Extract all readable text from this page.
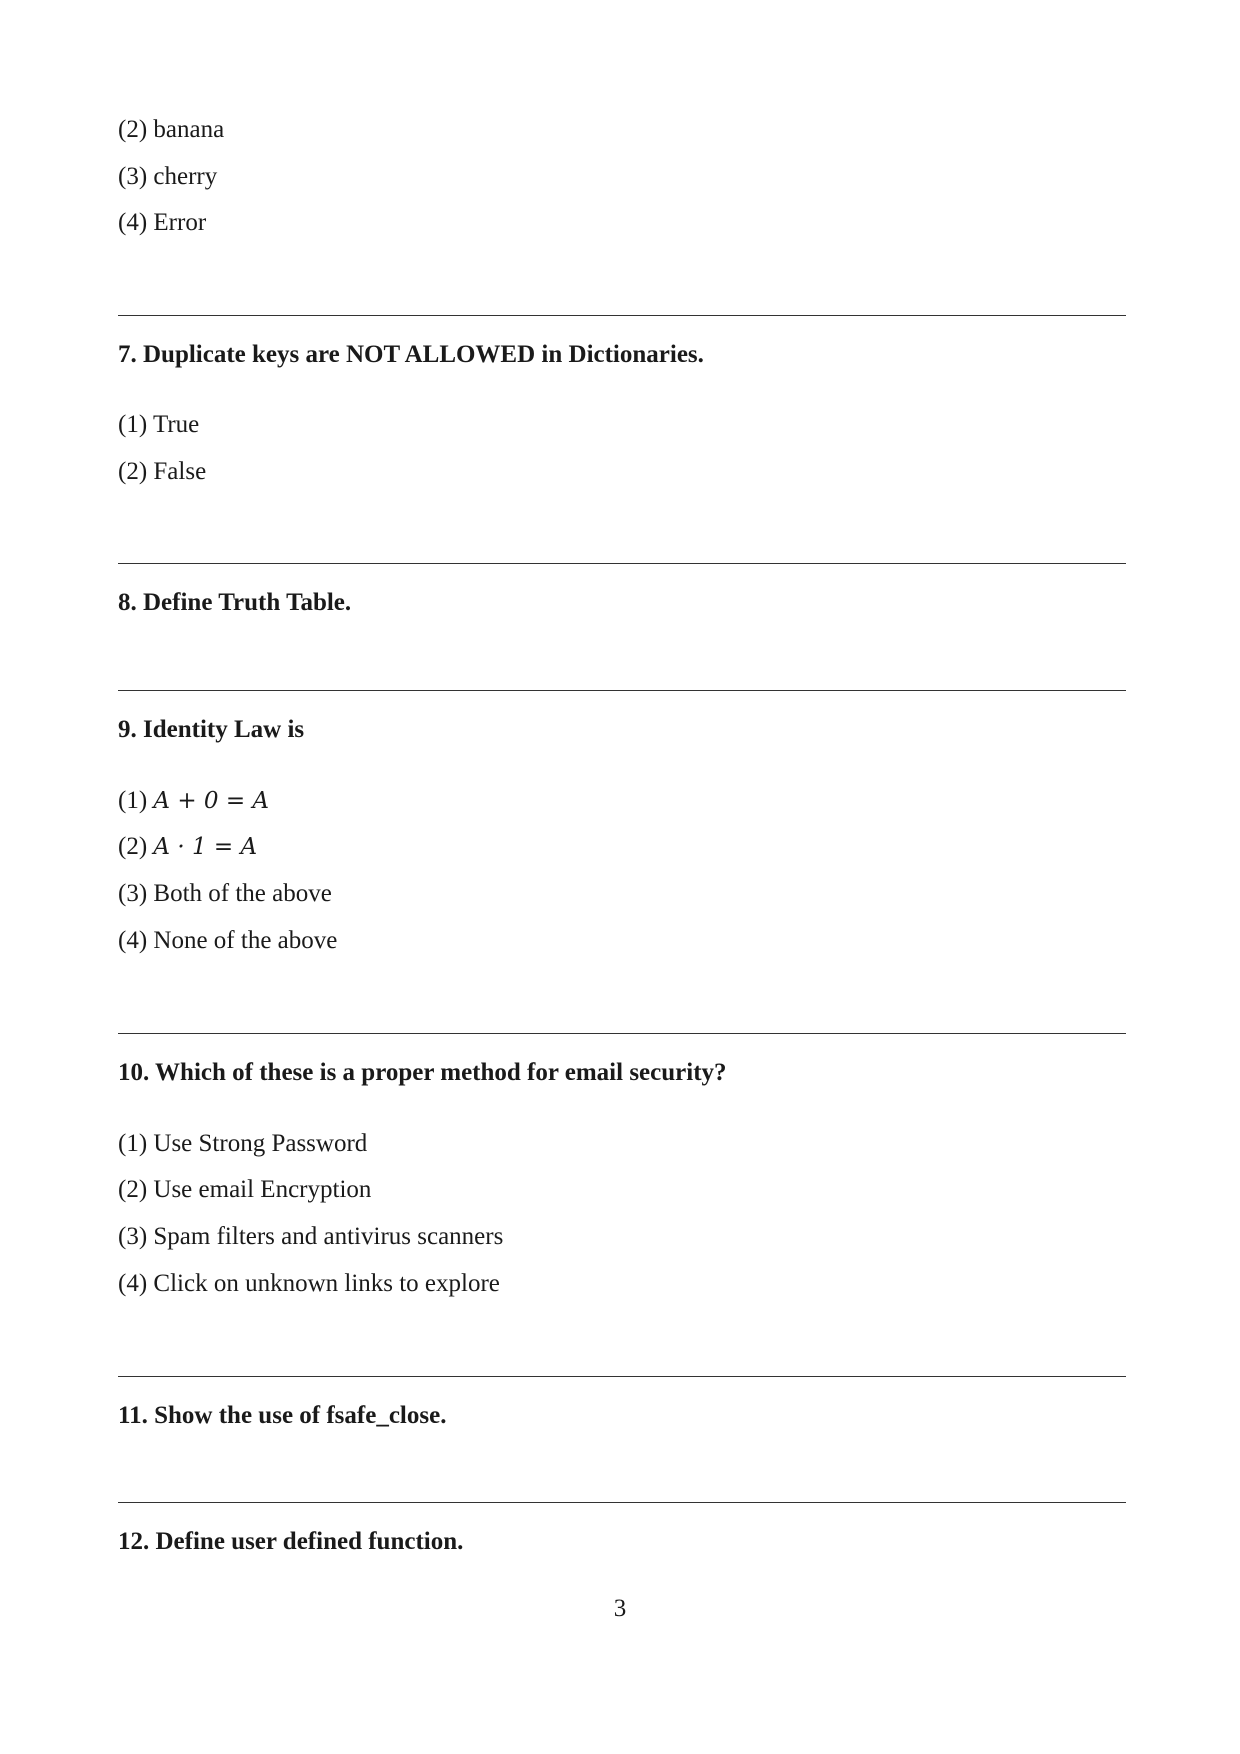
(2) banana
(3) cherry
(4) Error
7. Duplicate keys are NOT ALLOWED in Dictionaries.
(1) True
(2) False
8. Define Truth Table.
9. Identity Law is
(1) A + 0 = A
(2) A · 1 = A
(3) Both of the above
(4) None of the above
10. Which of these is a proper method for email security?
(1) Use Strong Password
(2) Use email Encryption
(3) Spam filters and antivirus scanners
(4) Click on unknown links to explore
11. Show the use of fsafe_close.
12. Define user defined function.
3
